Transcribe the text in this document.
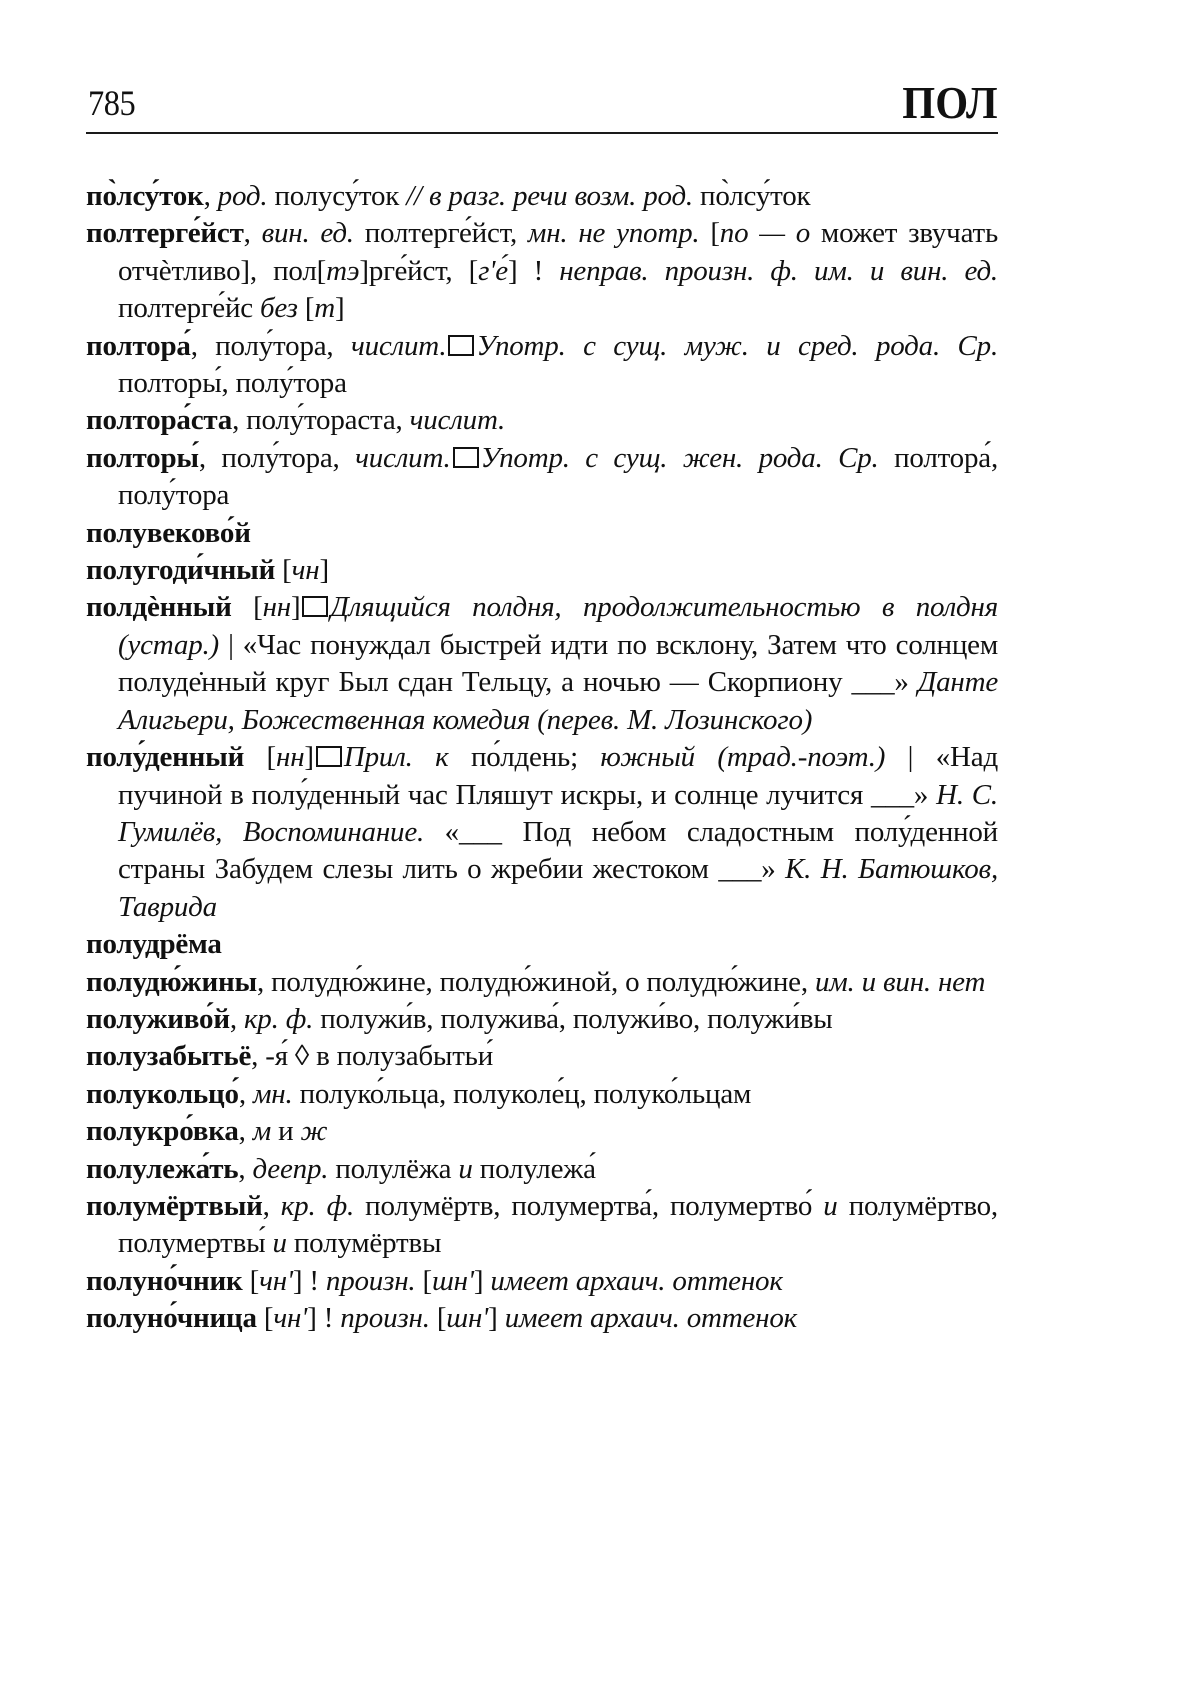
785	ПОЛ
по̀лсу́ток, род. полусу́ток // в разг. речи возм. род. по̀лсу́ток
полтерге́йст, вин. ед. полтерге́йст, мн. не употр. [по — о может звучать отчѐтливо], пол[тэ]рге́йст, [г'е́] ! неправ. произн. ф. им. и вин. ед. полтерге́йс без [т]
полтора́, полу́тора, числит. Употр. с сущ. муж. и сред. рода. Ср. полторы́, полу́тора
полтора́ста, полу́тораста, числит.
полторы́, полу́тора, числит. Употр. с сущ. жен. рода. Ср. полтора́, полу́тора
полувеково́й
полугоди́чный [чн]
полдѐнный [нн] Длящийся полдня, продолжительностью в полдня (устар.) | «Час понуждал быстрей идти по всклону, Затем что солнцем полуде̇нный круг Был сдан Тельцу, а ночью — Скорпиону ___» Данте Алигьери, Божественная комедия (перев. М. Лозинского)
полу́денный [нн] Прил. к по́лдень; южный (трад.-поэт.) | «Над пучиной в полу́денный час Пляшут искры, и солнце лучится ___» Н. С. Гумилёв, Воспоминание. «___ Под небом сладостным полу́денной страны Забудем слезы лить о жребии жестоком ___» К. Н. Батюшков, Таврида
полудрёма
полудю́жины, полудю́жине, полудю́жиной, о полудю́жине, им. и вин. нет
полуживо́й, кр. ф. полужи́в, полужива́, полужи́во, полужи́вы
полузабытьё, -я́ ◊ в полузабытьи́
полукольцо́, мн. полуко́льца, полуколе́ц, полуко́льцам
полукро́вка, м и ж
полулежа́ть, деепр. полулёжа и полулежа́
полумёртвый, кр. ф. полумёртв, полумертва́, полумертво́ и полумёртво, полумертвы́ и полумёртвы
полуно́чник [чн'] ! произн. [шн'] имеет архаич. оттенок
полуно́чница [чн'] ! произн. [шн'] имеет архаич. оттенок
